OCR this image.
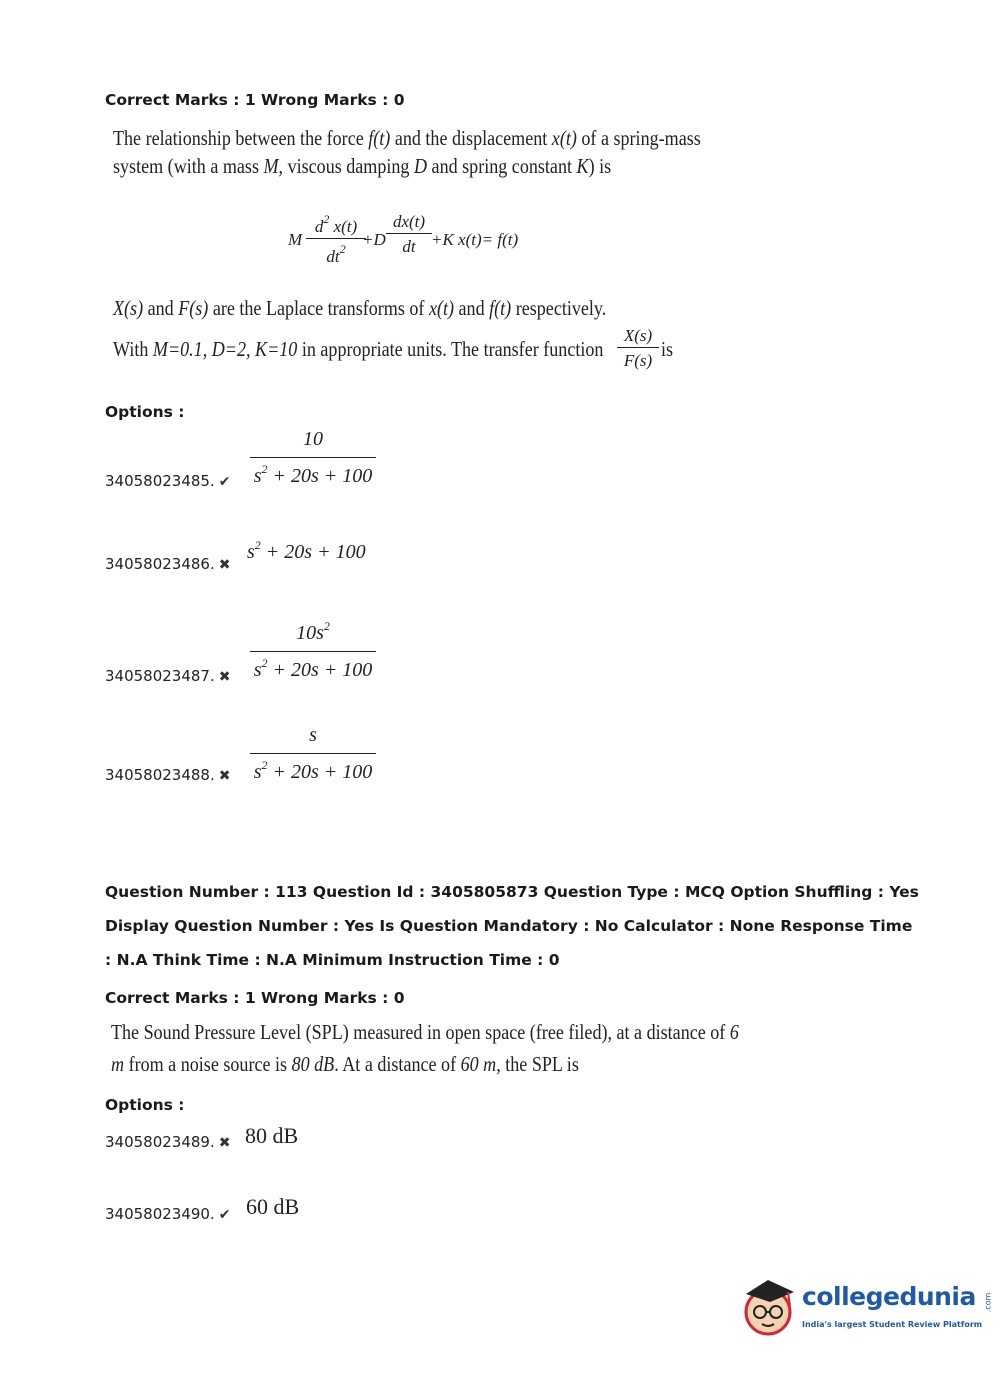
Correct Marks : 1 Wrong Marks : 0
The relationship between the force f(t) and the displacement x(t) of a spring-mass
system (with a mass M, viscous damping D and spring constant K) is
M
$d^2$ x(t)
$dt^2 +D$
dx(t)
dt +K x(t)= f(t)
X(s) and F(s) are the Laplace transforms of x(t) and f(t) respectively.
With M=0.1, D=2, K=10 in appropriate units. The transfer function
X(s)
F(s) is
Options :
34058023485. ✔
10
$s^2 + 20s + 100$
34058023486. ✖
$s^2 + 20s + 100$
34058023487. ✖
$10s^2$
$s^2 + 20s + 100$
34058023488. ✖
s
$s^2 + 20s + 100$
Question Number : 113 Question Id : 3405805873 Question Type : MCQ Option Shuffling : Yes
Display Question Number : Yes Is Question Mandatory : No Calculator : None Response Time
: N.A Think Time : N.A Minimum Instruction Time : 0
Correct Marks : 1 Wrong Marks : 0
The Sound Pressure Level (SPL) measured in open space (free filed), at a distance of 6
m from a noise source is 80 dB. At a distance of 60 m, the SPL is
Options :
34058023489. ✖ 80 dB
34058023490. ✔ 60 dB
collegedunia .com
India's largest Student Review Platform
